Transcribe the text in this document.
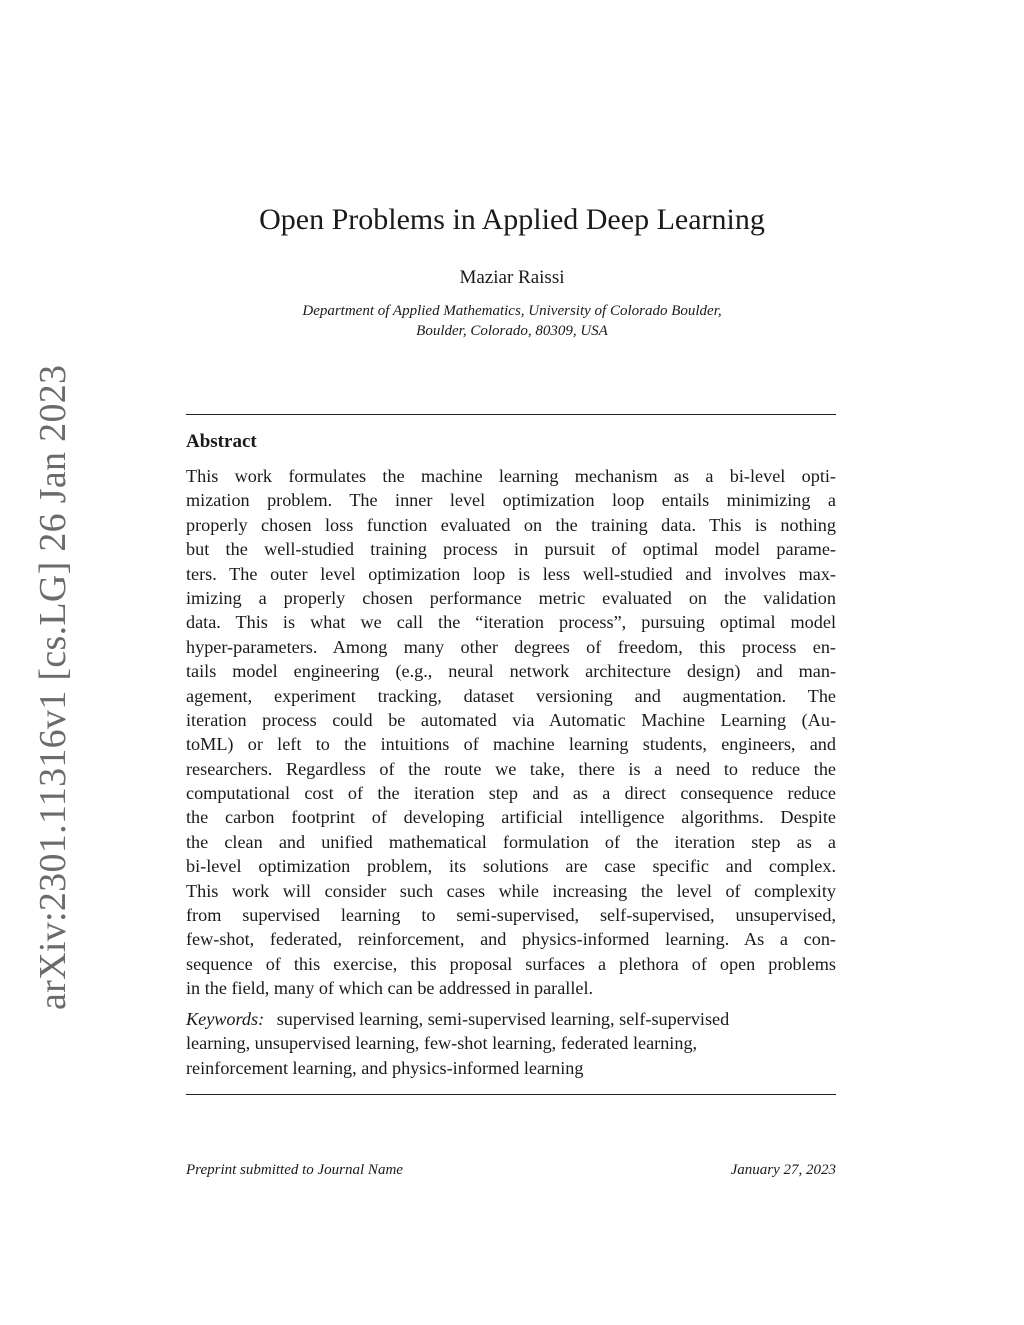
arXiv:2301.11316v1 [cs.LG] 26 Jan 2023
Open Problems in Applied Deep Learning
Maziar Raissi
Department of Applied Mathematics, University of Colorado Boulder,
Boulder, Colorado, 80309, USA
Abstract
This work formulates the machine learning mechanism as a bi-level opti-
mization problem. The inner level optimization loop entails minimizing a
properly chosen loss function evaluated on the training data. This is nothing
but the well-studied training process in pursuit of optimal model parame-
ters. The outer level optimization loop is less well-studied and involves max-
imizing a properly chosen performance metric evaluated on the validation
data. This is what we call the “iteration process”, pursuing optimal model
hyper-parameters. Among many other degrees of freedom, this process en-
tails model engineering (e.g., neural network architecture design) and man-
agement, experiment tracking, dataset versioning and augmentation. The
iteration process could be automated via Automatic Machine Learning (Au-
toML) or left to the intuitions of machine learning students, engineers, and
researchers. Regardless of the route we take, there is a need to reduce the
computational cost of the iteration step and as a direct consequence reduce
the carbon footprint of developing artificial intelligence algorithms. Despite
the clean and unified mathematical formulation of the iteration step as a
bi-level optimization problem, its solutions are case specific and complex.
This work will consider such cases while increasing the level of complexity
from supervised learning to semi-supervised, self-supervised, unsupervised,
few-shot, federated, reinforcement, and physics-informed learning. As a con-
sequence of this exercise, this proposal surfaces a plethora of open problems
in the field, many of which can be addressed in parallel.
Keywords: supervised learning, semi-supervised learning, self-supervised
learning, unsupervised learning, few-shot learning, federated learning,
reinforcement learning, and physics-informed learning
Preprint submitted to Journal Name	January 27, 2023
